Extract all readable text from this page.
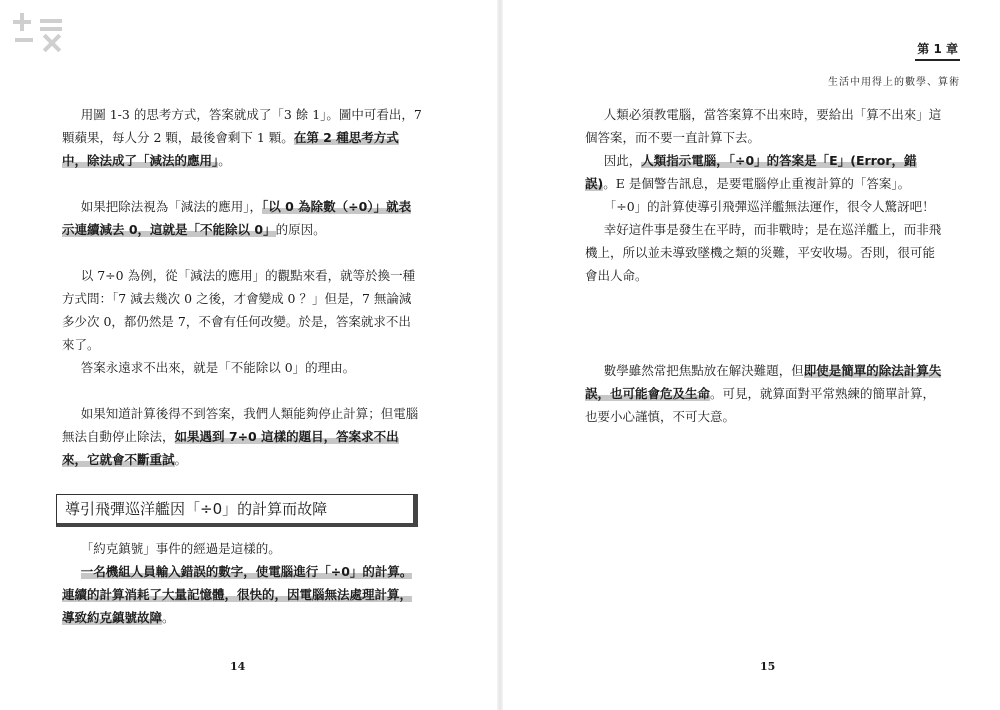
用圖 1-3 的思考方式，答案就成了「3 餘 1」。圖中可看出，7顆蘋果，每人分 2 顆，最後會剩下 1 顆。在第 2 種思考方式中，除法成了「減法的應用」。

如果把除法視為「減法的應用」，「以 0 為除數（÷0）」就表示連續減去 0，這就是「不能除以 0」的原因。

以 7÷0 為例，從「減法的應用」的觀點來看，就等於換一種方式問：「7 減去幾次 0 之後，才會變成 0 ？」但是，7 無論減多少次 0，都仍然是 7，不會有任何改變。於是，答案就求不出來了。

答案永遠求不出來，就是「不能除以 0」的理由。

如果知道計算後得不到答案，我們人類能夠停止計算；但電腦無法自動停止除法，如果遇到 7÷0 這樣的題目，答案求不出來，它就會不斷重試。

導引飛彈巡洋艦因「÷0」的計算而故障

「約克鎮號」事件的經過是這樣的。

一名機組人員輸入錯誤的數字，使電腦進行「÷0」的計算。連續的計算消耗了大量記憶體，很快的，因電腦無法處理計算，導致約克鎮號故障。

14
第 1 章
生活中用得上的數學、算術

人類必須教電腦，當答案算不出來時，要給出「算不出來」這個答案，而不要一直計算下去。

因此，人類指示電腦，「÷0」的答案是「E」(Error，錯誤)。E 是個警告訊息，是要電腦停止重複計算的「答案」。

「÷0」的計算使導引飛彈巡洋艦無法運作，很令人驚訝吧！

幸好這件事是發生在平時，而非戰時；是在巡洋艦上，而非飛機上，所以並未導致墜機之類的災難，平安收場。否則，很可能會出人命。

數學雖然常把焦點放在解決難題，但即使是簡單的除法計算失誤，也可能會危及生命。可見，就算面對平常熟練的簡單計算，也要小心謹慎，不可大意。

15
